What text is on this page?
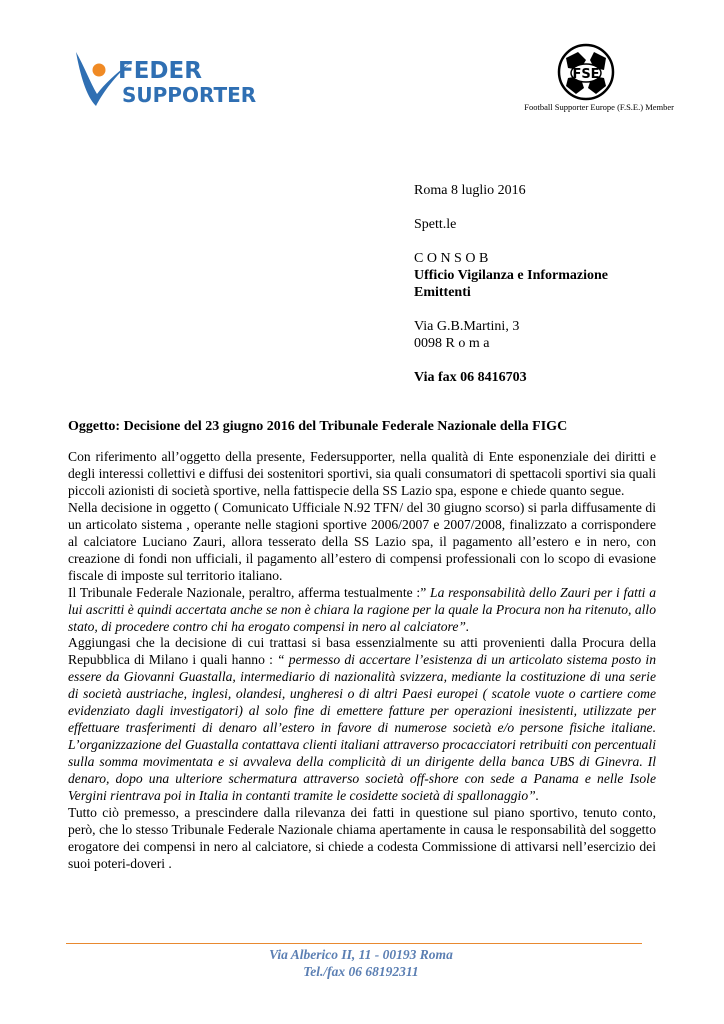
FEDER
SUPPORTER
FSE
Football Supporter Europe (F.S.E.) Member
Roma 8 luglio 2016
Spett.le
C O N S O B
Ufficio Vigilanza e Informazione
Emittenti
Via G.B.Martini, 3
0098 R o m a
Via fax 06 8416703
Oggetto: Decisione del 23 giugno 2016 del Tribunale Federale Nazionale della FIGC

Con riferimento all’oggetto della presente, Federsupporter, nella qualità di Ente esponenziale dei diritti e degli interessi collettivi e diffusi dei sostenitori sportivi, sia quali consumatori di spettacoli sportivi sia quali piccoli azionisti di società sportive, nella fattispecie della SS Lazio spa, espone e chiede quanto segue.

Nella decisione in oggetto ( Comunicato Ufficiale N.92 TFN/ del 30 giugno scorso) si parla diffusamente di un articolato sistema , operante nelle stagioni sportive 2006/2007 e 2007/2008, finalizzato a corrispondere al calciatore Luciano Zauri, allora tesserato della SS Lazio spa, il pagamento all’estero e in nero, con creazione di fondi non ufficiali, il pagamento all’estero di compensi professionali con lo scopo di evasione fiscale di imposte sul territorio italiano.

Il Tribunale Federale Nazionale, peraltro, afferma testualmente :” La responsabilità dello Zauri per i fatti a lui ascritti è quindi accertata anche se non è chiara la ragione per la quale la Procura non ha ritenuto, allo stato, di procedere contro chi ha erogato compensi in nero al calciatore”.

Aggiungasi che la decisione di cui trattasi si basa essenzialmente su atti provenienti dalla Procura della Repubblica di Milano i quali hanno : “ permesso di accertare l’esistenza di un articolato sistema posto in essere da Giovanni Guastalla, intermediario di nazionalità svizzera, mediante la costituzione di una serie di società austriache, inglesi, olandesi, ungheresi o di altri Paesi europei ( scatole vuote o cartiere come evidenziato dagli investigatori) al solo fine di emettere fatture per operazioni inesistenti, utilizzate per effettuare trasferimenti di denaro all’estero in favore di numerose società e/o persone fisiche italiane. L’organizzazione del Guastalla contattava clienti italiani attraverso procacciatori retribuiti con percentuali sulla somma movimentata e si avvaleva della complicità di un dirigente della banca UBS di Ginevra. Il denaro, dopo una ulteriore schermatura attraverso società off-shore con sede a Panama e nelle Isole Vergini rientrava poi in Italia in contanti tramite le cosidette società di spallonaggio”.

Tutto ciò premesso, a prescindere dalla rilevanza dei fatti in questione sul piano sportivo, tenuto conto, però, che lo stesso Tribunale Federale Nazionale chiama apertamente in causa le responsabilità del soggetto erogatore dei compensi in nero al calciatore, si chiede a codesta Commissione di attivarsi nell’esercizio dei suoi poteri-doveri .

Via Alberico II, 11 - 00193 Roma
Tel./fax 06 68192311
